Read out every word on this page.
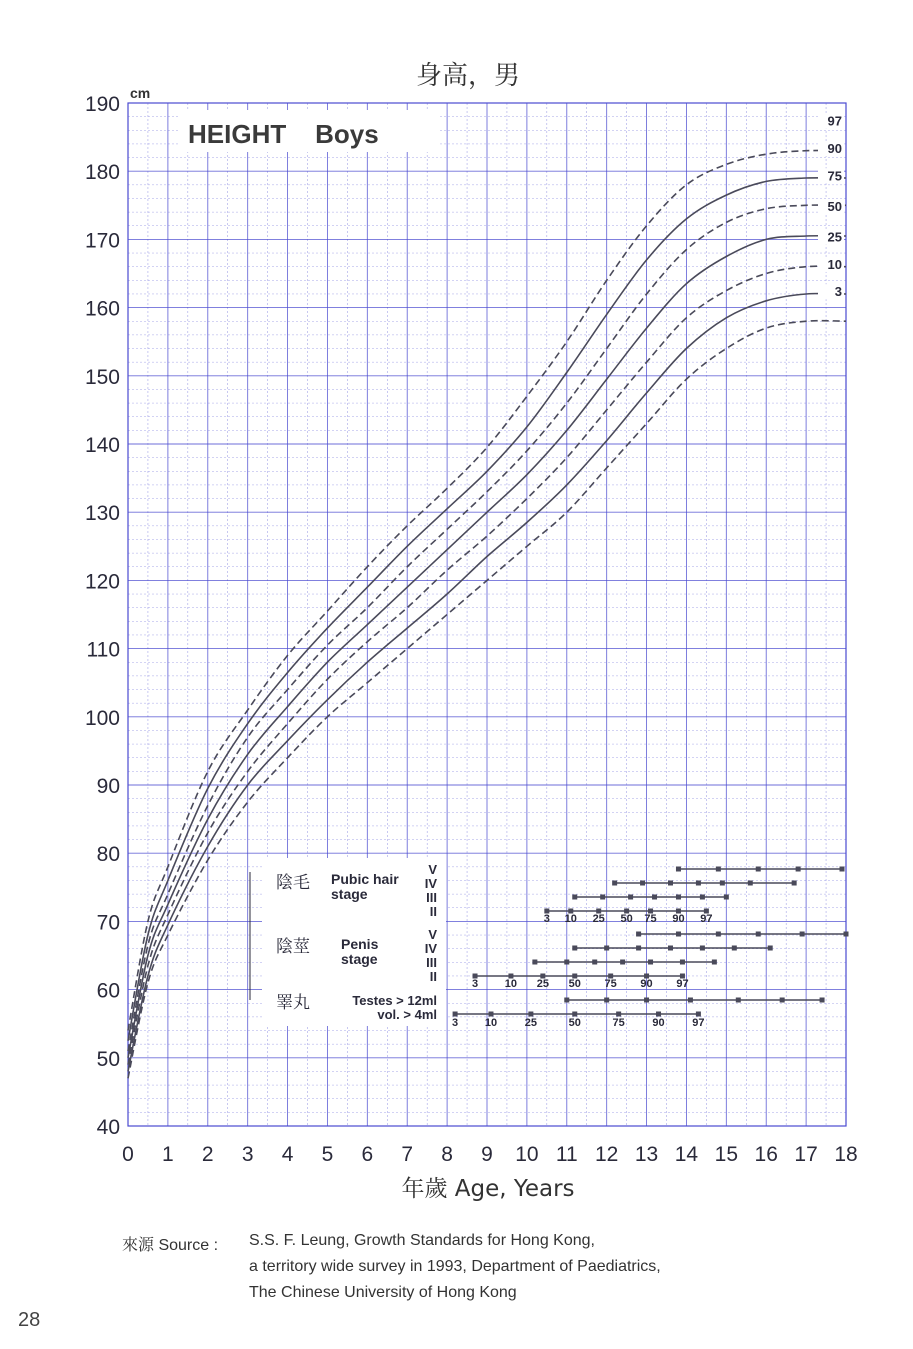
身高，男
HEIGHT    Boys
cm
0 1 2 3 4 5 6 7 8 9 10 11 12 13 14 15 16 17 18
40
50
60
70
80
90
100
110
120
130
140
150
160
170
180
190
97
90
75
50
25
10
3
陰毛 Pubic hair
stage
V
IV
III
II	3 10 25 50 75 90 97
陰莖 Penis
stage
V
IV
III
II	3 10 25 50 75 90 97
睪丸	Testes > 12ml
vol. > 4ml
3 10	25	50	75	90	97
年歲 Age, Years
來源 Source : S.S. F. Leung, Growth Standards for Hong Kong,
a territory wide survey in 1993, Department of Paediatrics,
The Chinese University of Hong Kong
28
